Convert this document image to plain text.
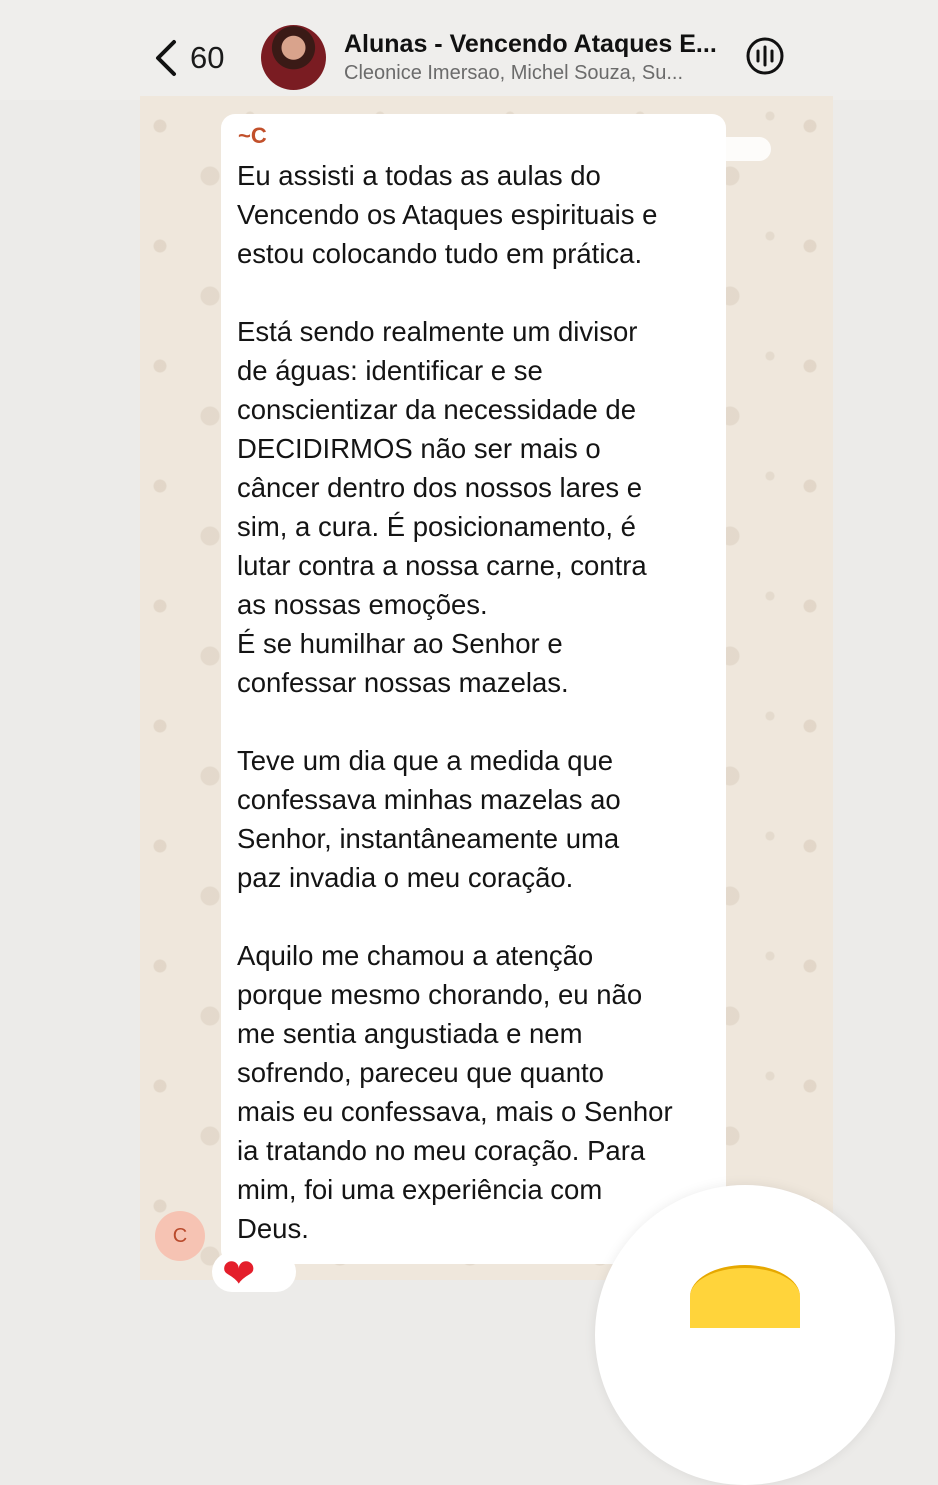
60	Alunas - Vencendo Ataques E...
Cleonice Imersao, Michel Souza, Su...
~C

Eu assisti a todas as aulas do
Vencendo os Ataques espirituais e
estou colocando tudo em prática.

Está sendo realmente um divisor
de águas: identificar e se
conscientizar da necessidade de
DECIDIRMOS não ser mais o
câncer dentro dos nossos lares e
sim, a cura. É posicionamento, é
lutar contra a nossa carne, contra
as nossas emoções.
É se humilhar ao Senhor e
confessar nossas mazelas.

Teve um dia que a medida que
confessava minhas mazelas ao
Senhor, instantâneamente uma
paz invadia o meu coração.

Aquilo me chamou a atenção
porque mesmo chorando, eu não
me sentia angustiada e nem
sofrendo, pareceu que quanto
mais eu confessava, mais o Senhor
ia tratando no meu coração. Para
mim, foi uma experiência com
Deus.

C
❤
